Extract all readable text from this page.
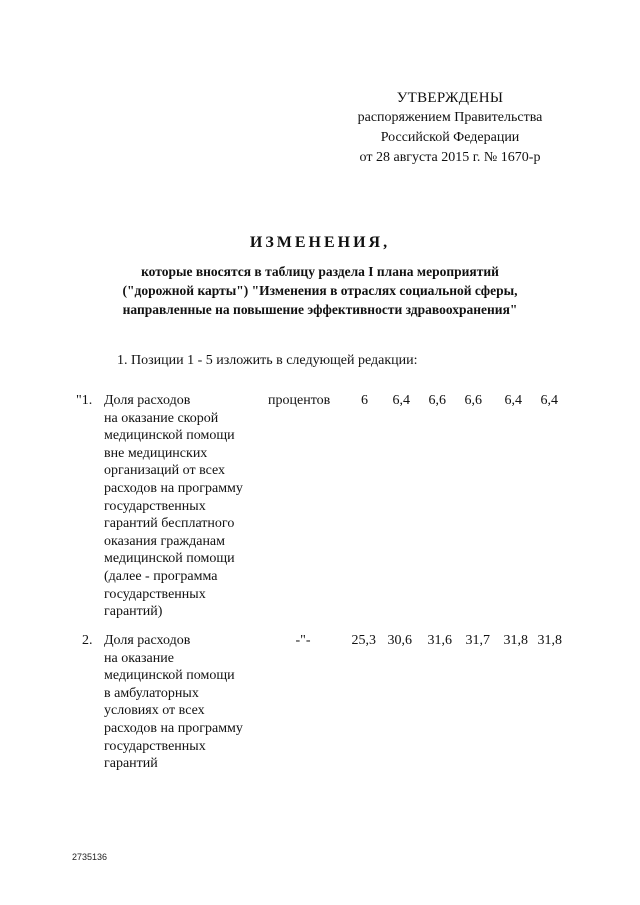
УТВЕРЖДЕНЫ
распоряжением Правительства
Российской Федерации
от 28 августа 2015 г. № 1670-р
ИЗМЕНЕНИЯ,
которые вносятся в таблицу раздела I плана мероприятий
("дорожной карты") "Изменения в отраслях социальной сферы,
направленные на повышение эффективности здравоохранения"
1. Позиции 1 - 5 изложить в следующей редакции:
"1. Доля расходов
на оказание скорой
медицинской помощи
вне медицинских
организаций от всех
расходов на программу
государственных
гарантий бесплатного
оказания гражданам
медицинской помощи
(далее - программа
государственных
гарантий)
процентов	6	6,4	6,6	6,6	6,4	6,4
2. Доля расходов
на оказание
медицинской помощи
в амбулаторных
условиях от всех
расходов на программу
государственных
гарантий
-"-	25,3 30,6	31,6 31,7 31,8 31,8
2735136
